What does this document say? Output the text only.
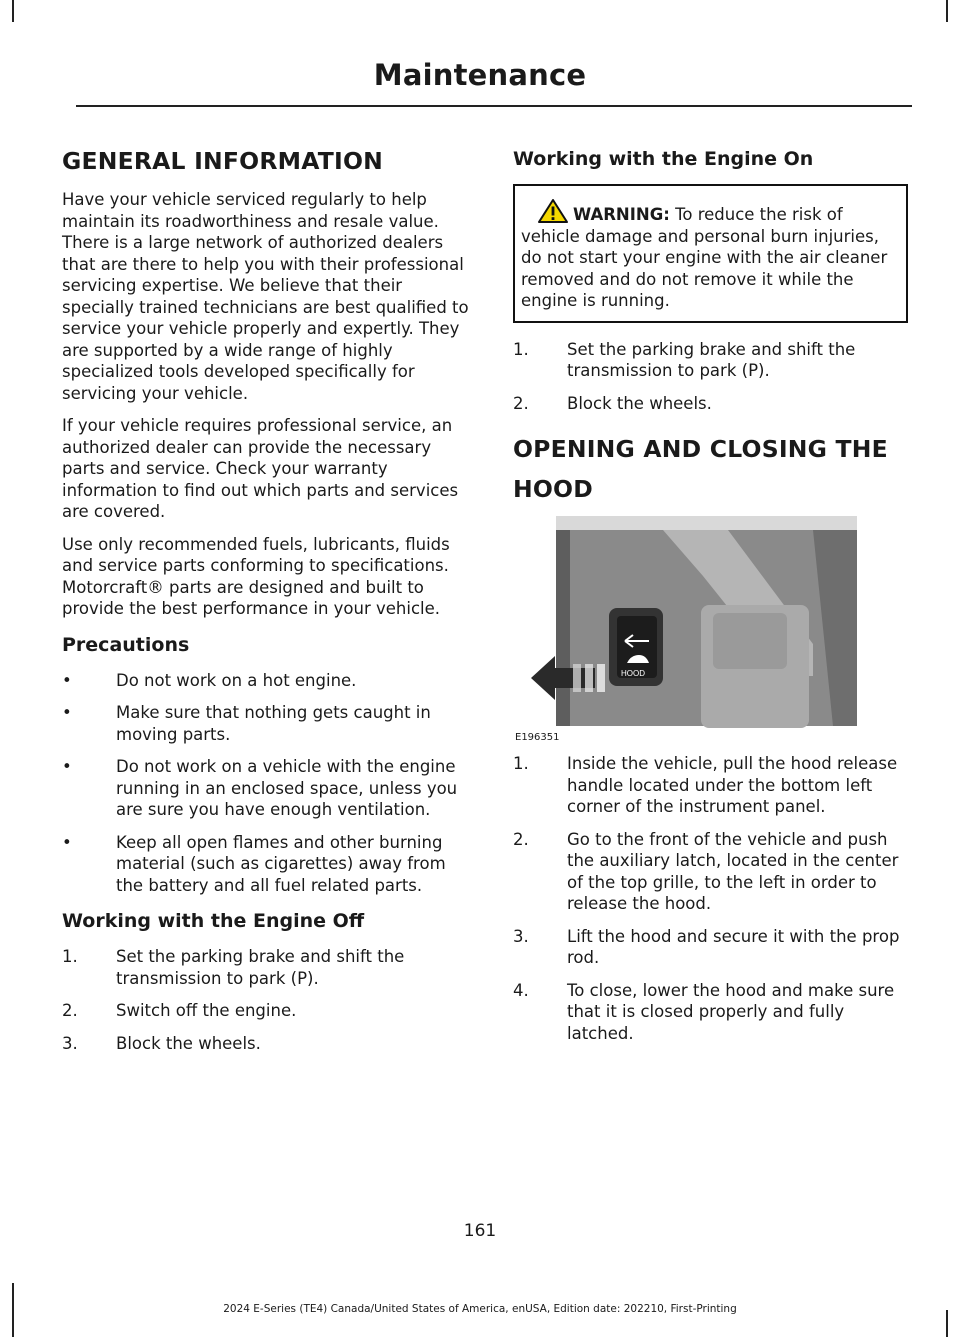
Maintenance
GENERAL INFORMATION

Have your vehicle serviced regularly to help maintain its roadworthiness and resale value. There is a large network of authorized dealers that are there to help you with their professional servicing expertise. We believe that their specially trained technicians are best qualified to service your vehicle properly and expertly. They are supported by a wide range of highly specialized tools developed specifically for servicing your vehicle.

If your vehicle requires professional service, an authorized dealer can provide the necessary parts and service. Check your warranty information to find out which parts and services are covered.

Use only recommended fuels, lubricants, fluids and service parts conforming to specifications. Motorcraft® parts are designed and built to provide the best performance in your vehicle.

Precautions
•	Do not work on a hot engine.
•	Make sure that nothing gets caught in moving parts.
•	Do not work on a vehicle with the engine running in an enclosed space, unless you are sure you have enough ventilation.
•	Keep all open flames and other burning material (such as cigarettes) away from the battery and all fuel related parts.
Working with the Engine Off
1. Set the parking brake and shift the transmission to park (P).
2. Switch off the engine.
3. Block the wheels.
Working with the Engine On
WARNING: To reduce the risk of vehicle damage and personal burn injuries, do not start your engine with the air cleaner removed and do not remove it while the engine is running.
1. Set the parking brake and shift the transmission to park (P).
2. Block the wheels.
OPENING AND CLOSING THE
HOOD
HOOD
E196351
1. Inside the vehicle, pull the hood release handle located under the bottom left corner of the instrument panel.
2. Go to the front of the vehicle and push the auxiliary latch, located in the center of the top grille, to the left in order to release the hood.
3. Lift the hood and secure it with the prop rod.
4. To close, lower the hood and make sure that it is closed properly and fully latched.
161
2024 E-Series (TE4) Canada/United States of America, enUSA, Edition date: 202210, First-Printing
